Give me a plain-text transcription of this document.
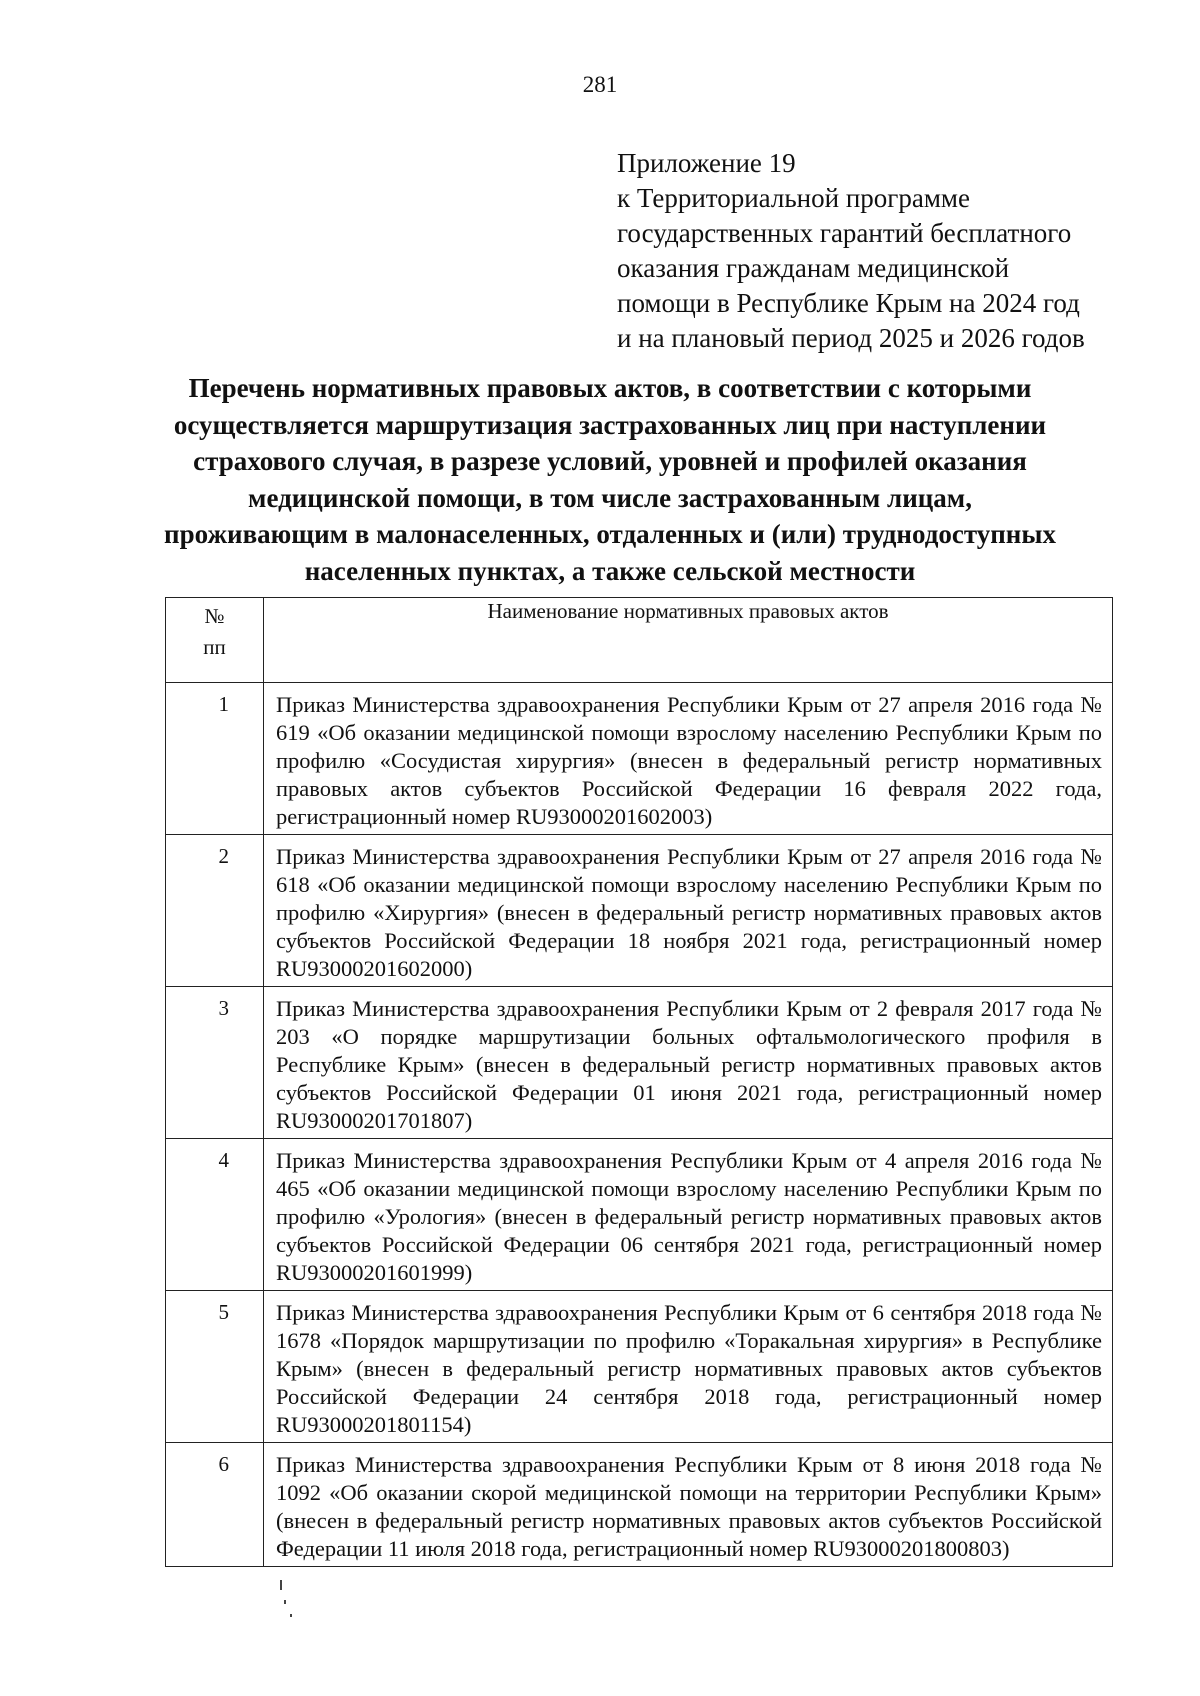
281
Приложение 19
к Территориальной программе
государственных гарантий бесплатного
оказания гражданам медицинской
помощи в Республике Крым на 2024 год
и на плановый период 2025 и 2026 годов
Перечень нормативных правовых актов, в соответствии с которыми
осуществляется маршрутизация застрахованных лиц при наступлении
страхового случая, в разрезе условий, уровней и профилей оказания
медицинской помощи, в том числе застрахованным лицам,
проживающим в малонаселенных, отдаленных и (или) труднодоступных
населенных пунктах, а также сельской местности
№
пп	Наименование нормативных правовых актов
1	Приказ Министерства здравоохранения Республики Крым от 27 апреля 2016 года № 619 «Об оказании медицинской помощи взрослому населению Республики Крым по профилю «Сосудистая хирургия» (внесен в федеральный регистр нормативных правовых актов субъектов Российской Федерации 16 февраля 2022 года, регистрационный номер RU93000201602003)
2	Приказ Министерства здравоохранения Республики Крым от 27 апреля 2016 года № 618 «Об оказании медицинской помощи взрослому населению Республики Крым по профилю «Хирургия» (внесен в федеральный регистр нормативных правовых актов субъектов Российской Федерации 18 ноября 2021 года, регистрационный номер RU93000201602000)
3	Приказ Министерства здравоохранения Республики Крым от 2 февраля 2017 года № 203 «О порядке маршрутизации больных офтальмологического профиля в Республике Крым» (внесен в федеральный регистр нормативных правовых актов субъектов Российской Федерации 01 июня 2021 года, регистрационный номер RU93000201701807)
4	Приказ Министерства здравоохранения Республики Крым от 4 апреля 2016 года № 465 «Об оказании медицинской помощи взрослому населению Республики Крым по профилю «Урология» (внесен в федеральный регистр нормативных правовых актов субъектов Российской Федерации 06 сентября 2021 года, регистрационный номер RU93000201601999)
5	Приказ Министерства здравоохранения Республики Крым от 6 сентября 2018 года № 1678 «Порядок маршрутизации по профилю «Торакальная хирургия» в Республике Крым» (внесен в федеральный регистр нормативных правовых актов субъектов Российской Федерации 24 сентября 2018 года, регистрационный номер RU93000201801154)
6	Приказ Министерства здравоохранения Республики Крым от 8 июня 2018 года № 1092 «Об оказании скорой медицинской помощи на территории Республики Крым» (внесен в федеральный регистр нормативных правовых актов субъектов Российской Федерации 11 июля 2018 года, регистрационный номер RU93000201800803)
